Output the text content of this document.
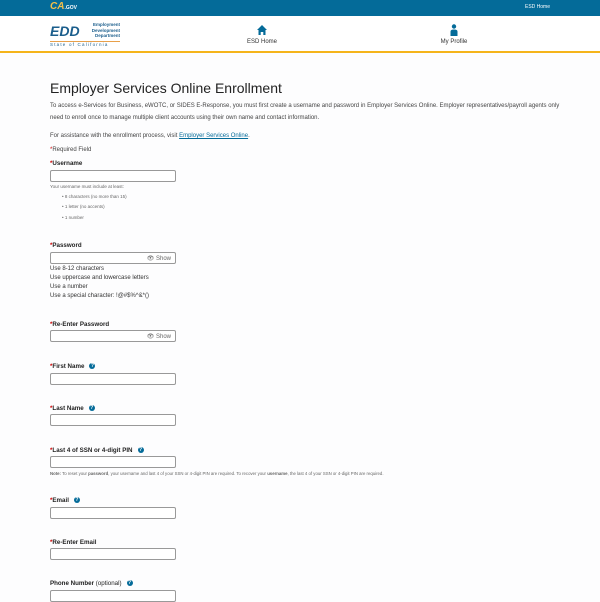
CA.GOV	ESD Home
EDD	Employment
Development
Department
State of California	ESD Home	My Profile
Employer Services Online Enrollment
To access e-Services for Business, eWOTC, or SIDES E-Response, you must first create a username and password in Employer Services Online. Employer representatives/payroll agents only need to enroll once to manage multiple client accounts using their own name and contact information.
For assistance with the enrollment process, visit Employer Services Online.
*Required Field
*Username
Your username must include at least:
• 8 characters (no more than 15)
• 1 letter (no accents)
• 1 number
*Password
👁 Show
Use 8-12 characters
Use uppercase and lowercase letters
Use a number
Use a special character: !@#$%^&*()
*Re-Enter Password
👁 Show
*First Name ?
*Last Name ?
*Last 4 of SSN or 4-digit PIN ?
Note: To reset your password, your username and last 4 of your SSN or 4-digit PIN are required. To recover your username, the last 4 of your SSN or 4-digit PIN are required.
*Email ?
*Re-Enter Email
Phone Number (optional) ?
